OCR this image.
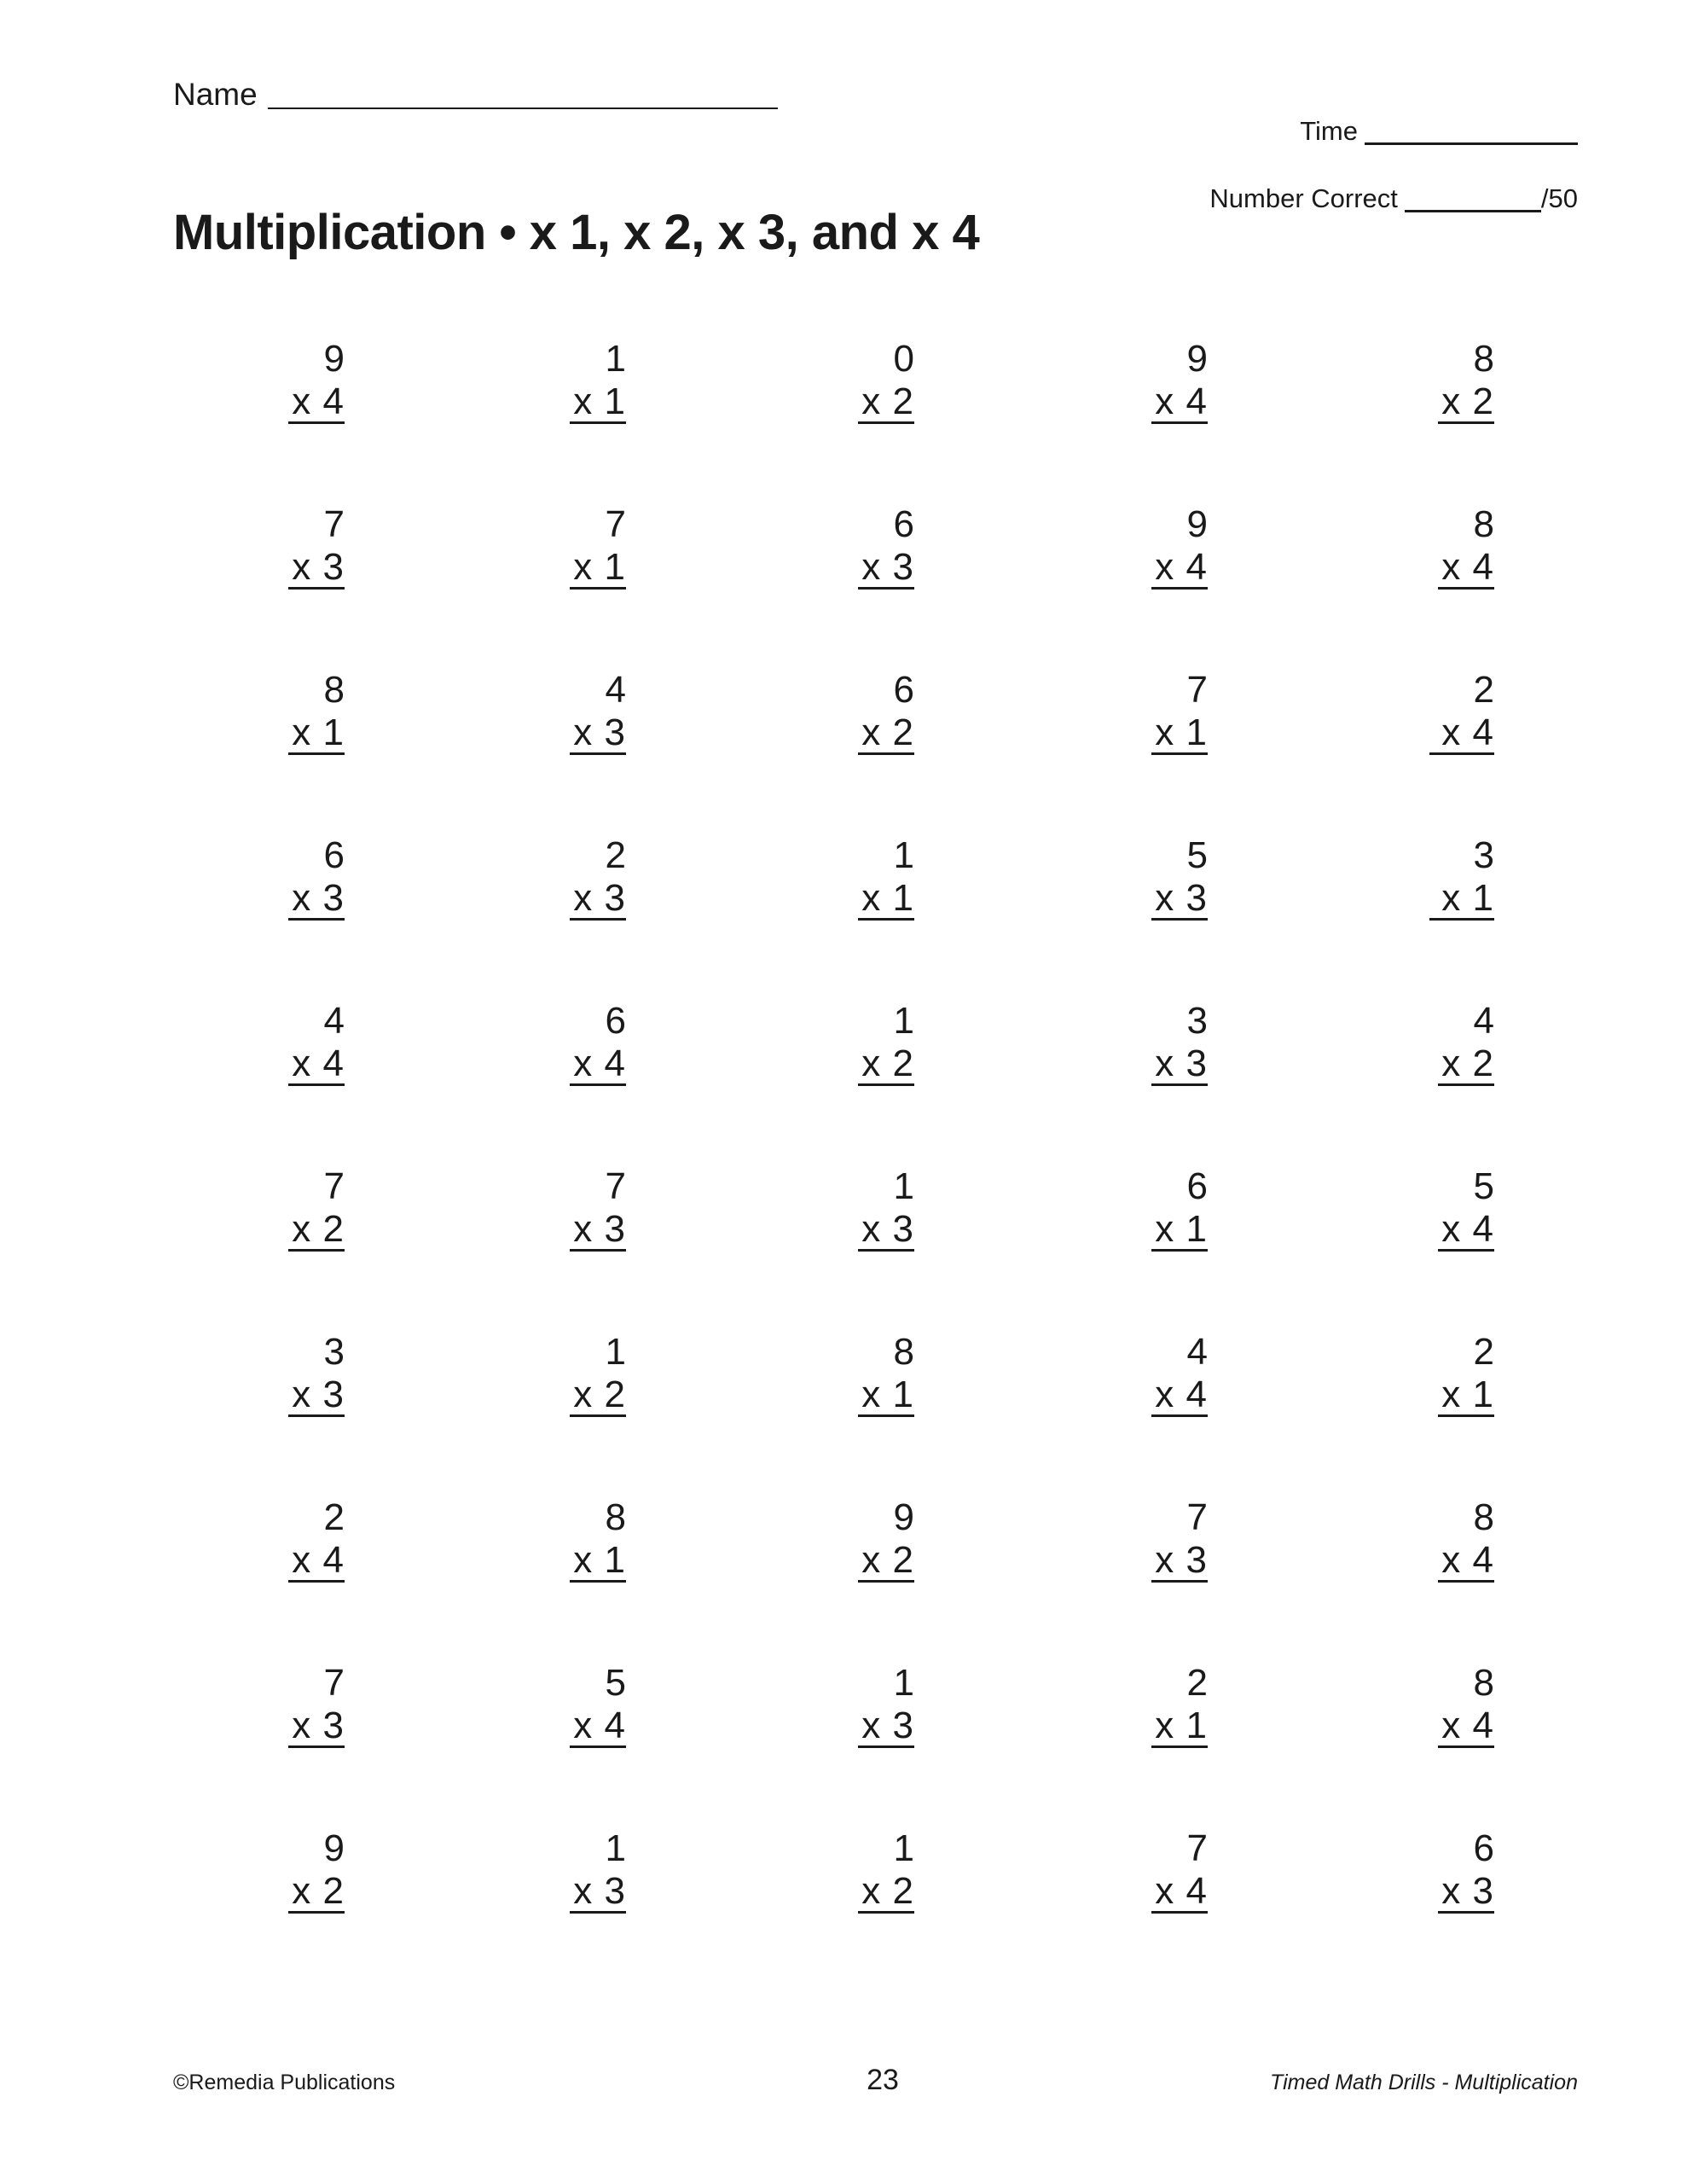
Name
Time
Number Correct	/50
Multiplication • x 1, x 2, x 3, and x 4
9
x 4
1
x 1
0
x 2
9
x 4
8
x 2
7
x 3
7
x 1
6
x 3
9
x 4
8
x 4
8
x 1
4
x 3
6
x 2
7
x 1
2
x 4
6
x 3
2
x 3
1
x 1
5
x 3
3
x 1
4
x 4
6
x 4
1
x 2
3
x 3
4
x 2
7
x 2
7
x 3
1
x 3
6
x 1
5
x 4
3
x 3
1
x 2
8
x 1
4
x 4
2
x 1
2
x 4
8
x 1
9
x 2
7
x 3
8
x 4
7
x 3
5
x 4
1
x 3
2
x 1
8
x 4
9
x 2
1
x 3
1
x 2
7
x 4
6
x 3
©Remedia Publications	23	Timed Math Drills - Multiplication
